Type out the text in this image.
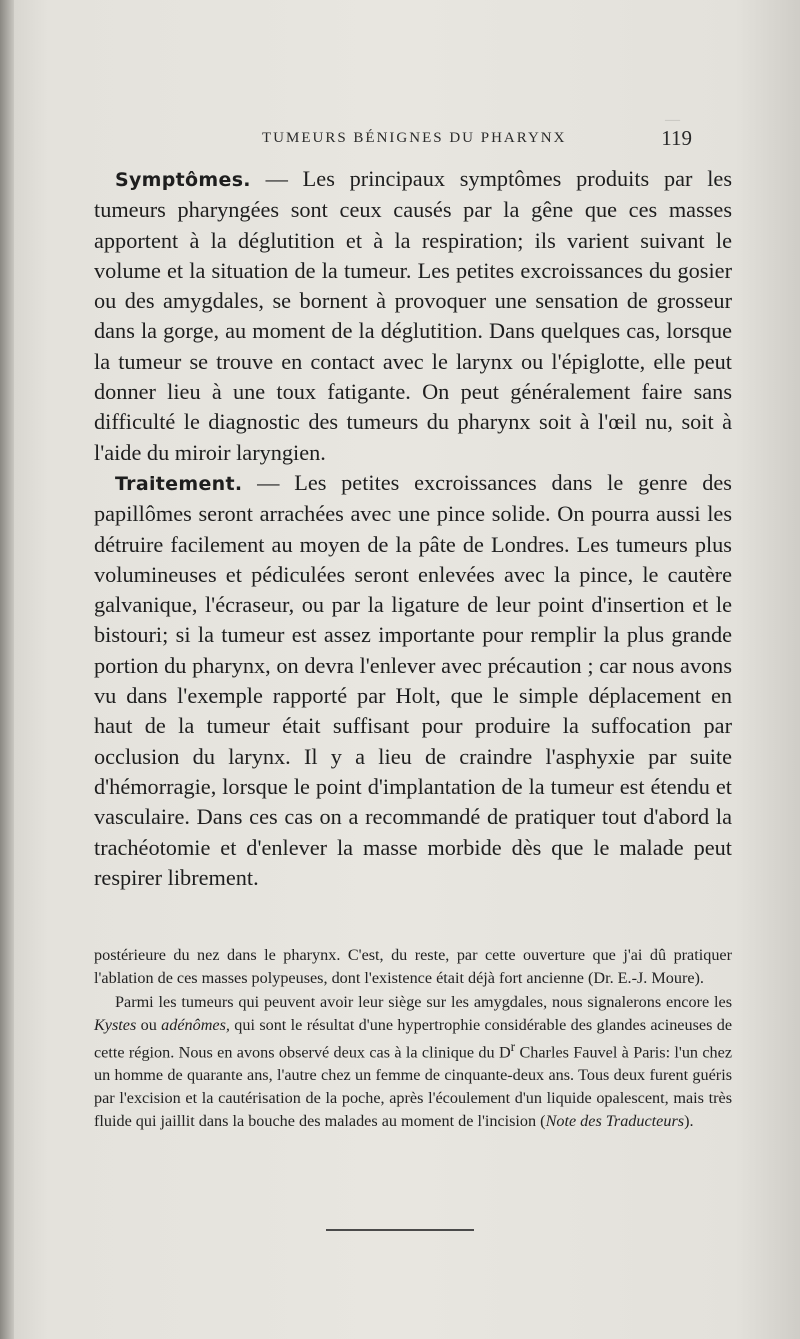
—
TUMEURS BÉNIGNES DU PHARYNX	119

Symptômes. — Les principaux symptômes produits par les tumeurs pharyngées sont ceux causés par la gêne que ces masses apportent à la déglutition et à la respiration; ils varient suivant le volume et la situation de la tumeur. Les petites excroissances du gosier ou des amygdales, se bornent à provoquer une sensation de grosseur dans la gorge, au moment de la déglutition. Dans quelques cas, lorsque la tumeur se trouve en contact avec le larynx ou l'épiglotte, elle peut donner lieu à une toux fatigante. On peut généralement faire sans difficulté le diagnostic des tumeurs du pharynx soit à l'œil nu, soit à l'aide du miroir laryngien.

Traitement. — Les petites excroissances dans le genre des papillômes seront arrachées avec une pince solide. On pourra aussi les détruire facilement au moyen de la pâte de Londres. Les tumeurs plus volumineuses et pédiculées seront enlevées avec la pince, le cautère galvanique, l'écraseur, ou par la ligature de leur point d'insertion et le bistouri; si la tumeur est assez importante pour remplir la plus grande portion du pharynx, on devra l'enlever avec précaution ; car nous avons vu dans l'exemple rapporté par Holt, que le simple déplacement en haut de la tumeur était suffisant pour produire la suffocation par occlusion du larynx. Il y a lieu de craindre l'asphyxie par suite d'hémorragie, lorsque le point d'implantation de la tumeur est étendu et vasculaire. Dans ces cas on a recommandé de pratiquer tout d'abord la trachéotomie et d'enlever la masse morbide dès que le malade peut respirer librement.

postérieure du nez dans le pharynx. C'est, du reste, par cette ouverture que j'ai dû pratiquer l'ablation de ces masses polypeuses, dont l'existence était déjà fort ancienne (Dr. E.-J. Moure).

Parmi les tumeurs qui peuvent avoir leur siège sur les amygdales, nous signalerons encore les Kystes ou adénômes, qui sont le résultat d'une hypertrophie considérable des glandes acineuses de cette région. Nous en avons observé deux cas à la clinique du $D^r$ Charles Fauvel à Paris: l'un chez un homme de quarante ans, l'autre chez un femme de cinquante-deux ans. Tous deux furent guéris par l'excision et la cautérisation de la poche, après l'écoulement d'un liquide opalescent, mais très fluide qui jaillit dans la bouche des malades au moment de l'incision (Note des Traducteurs).
